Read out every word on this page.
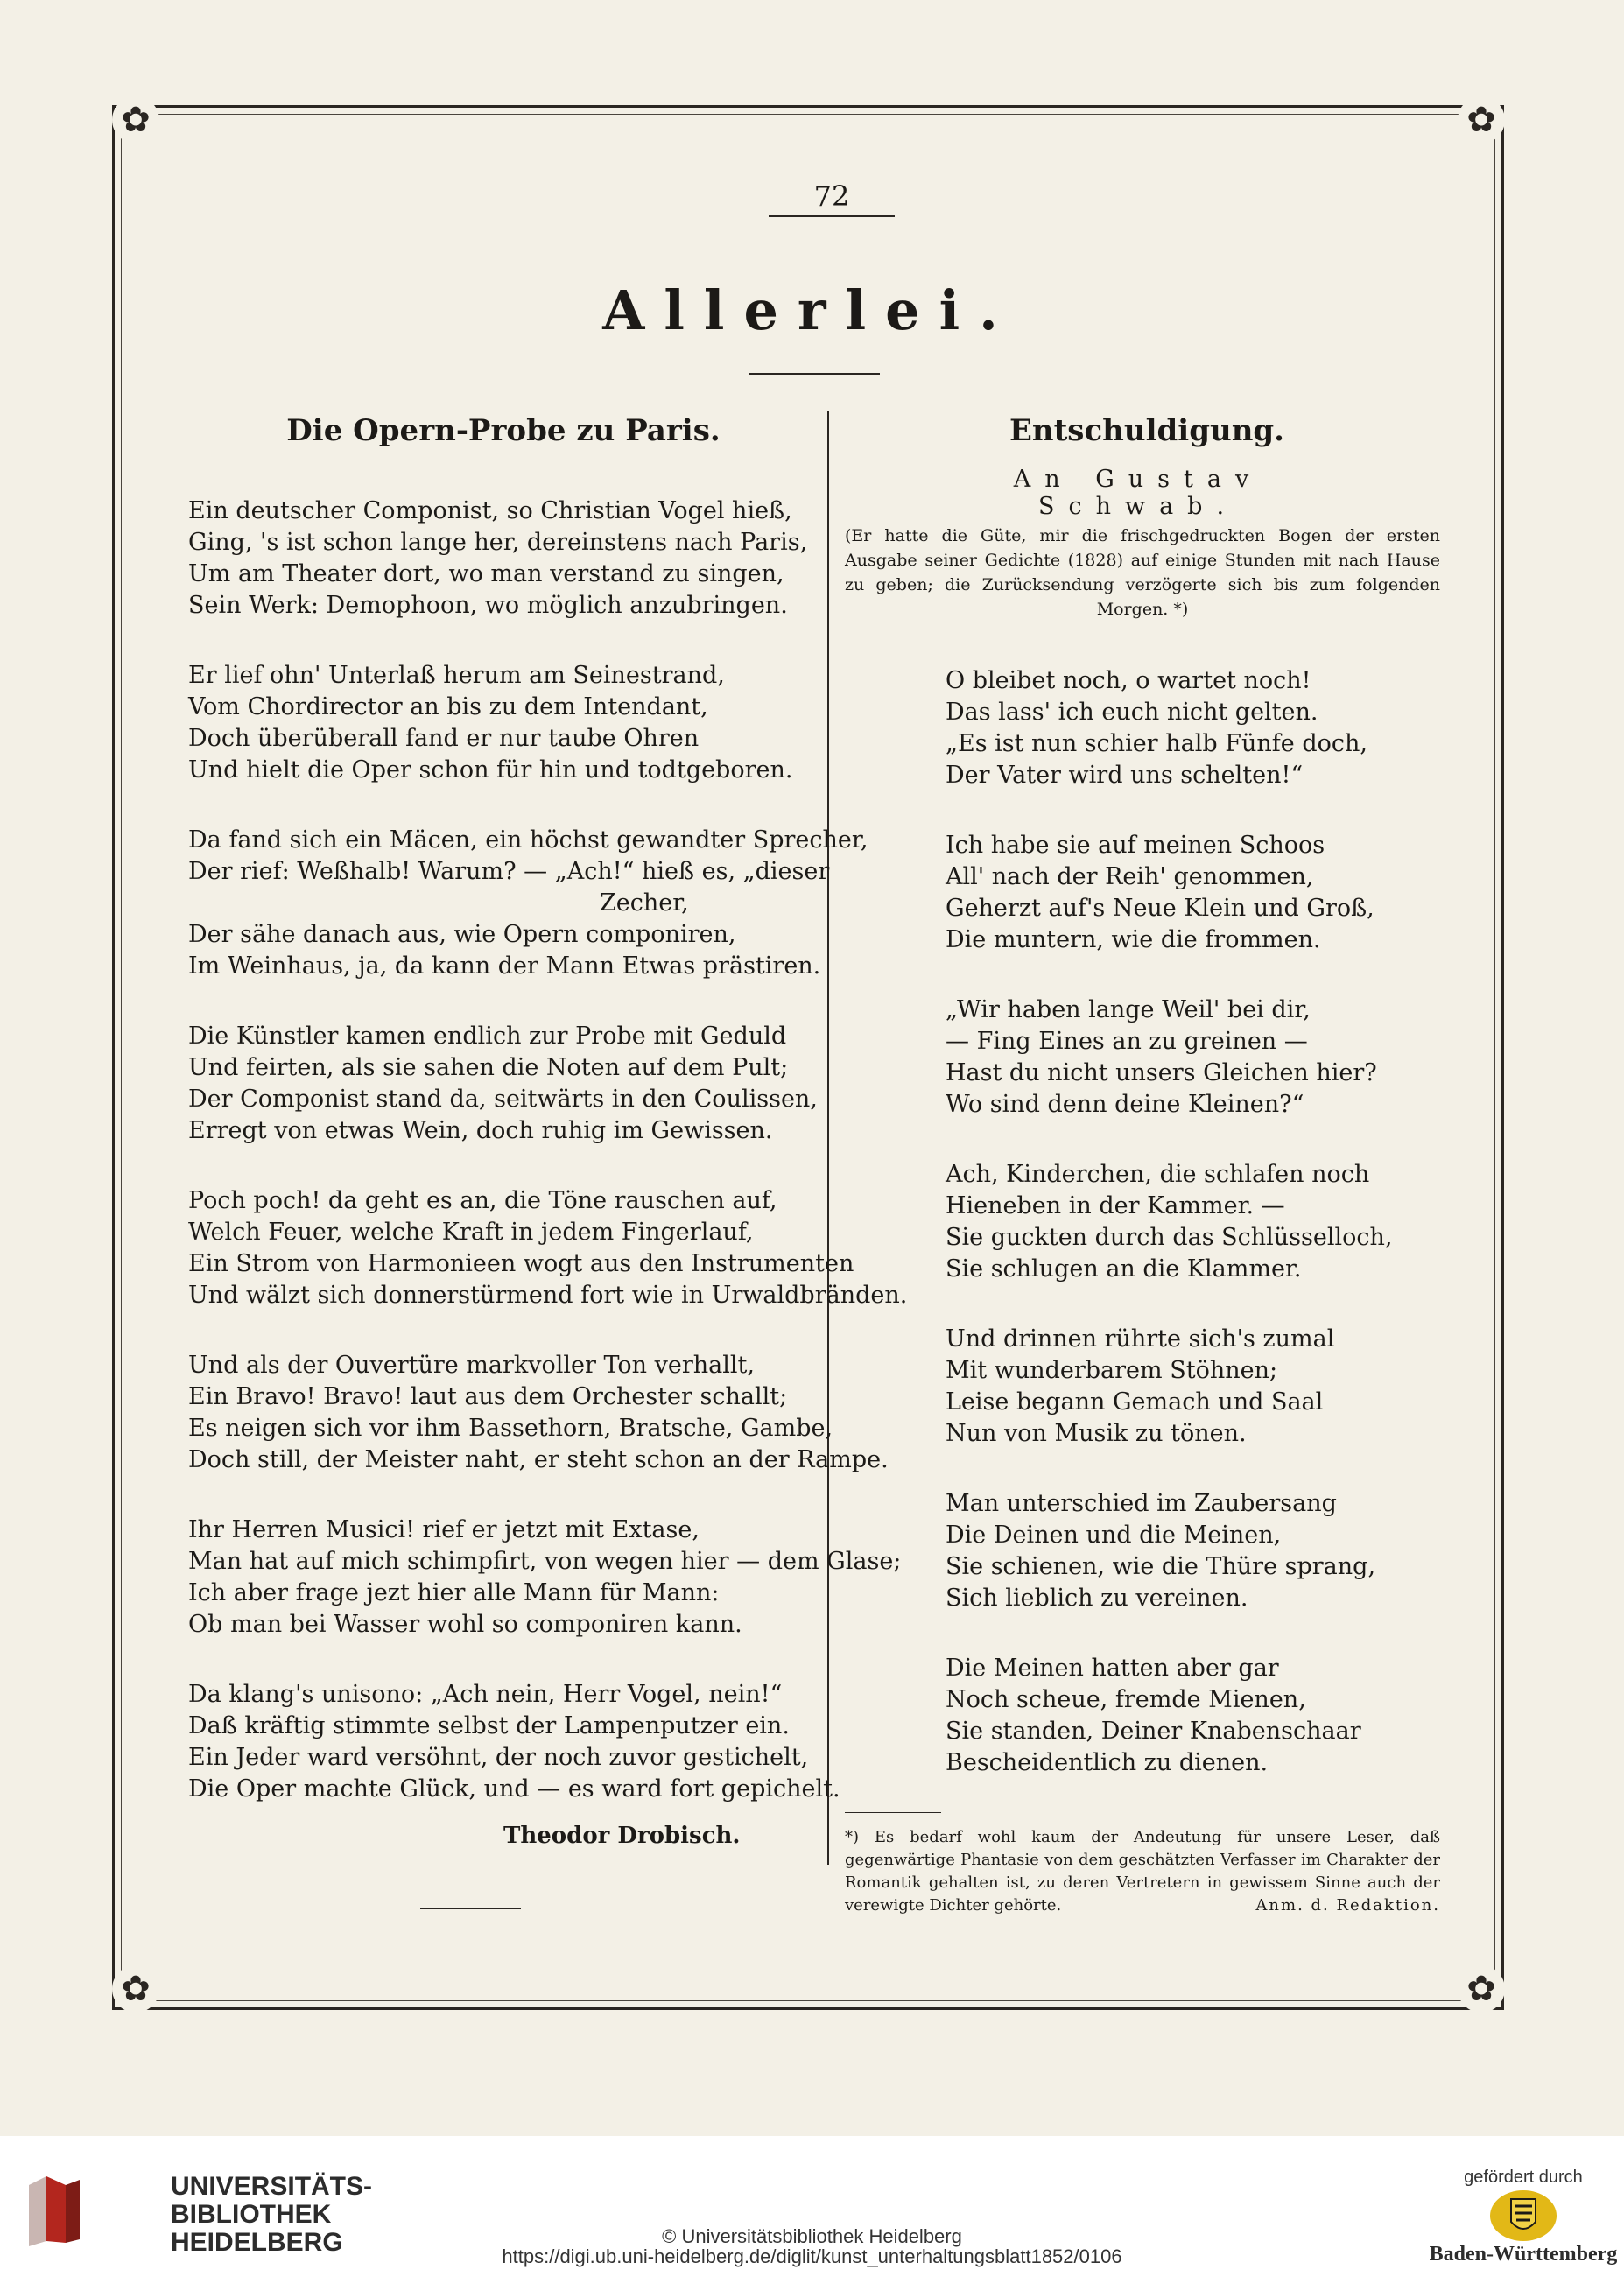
✿	✿
✿	✿
72
Allerlei.
Die Opern-Probe zu Paris.
Ein deutscher Componist, so Christian Vogel hieß,
Ging, 's ist schon lange her, dereinstens nach Paris,
Um am Theater dort, wo man verstand zu singen,
Sein Werk: Demophoon, wo möglich anzubringen.
Er lief ohn' Unterlaß herum am Seinestrand,
Vom Chordirector an bis zu dem Intendant,
Doch überüberall fand er nur taube Ohren
Und hielt die Oper schon für hin und todtgeboren.
Da fand sich ein Mäcen, ein höchst gewandter Sprecher,
Der rief: Weßhalb! Warum? — „Ach!“ hieß es, „dieser
Zecher,
Der sähe danach aus, wie Opern componiren,
Im Weinhaus, ja, da kann der Mann Etwas prästiren.
Die Künstler kamen endlich zur Probe mit Geduld
Und feirten, als sie sahen die Noten auf dem Pult;
Der Componist stand da, seitwärts in den Coulissen,
Erregt von etwas Wein, doch ruhig im Gewissen.
Poch poch! da geht es an, die Töne rauschen auf,
Welch Feuer, welche Kraft in jedem Fingerlauf,
Ein Strom von Harmonieen wogt aus den Instrumenten
Und wälzt sich donnerstürmend fort wie in Urwaldbränden.
Und als der Ouvertüre markvoller Ton verhallt,
Ein Bravo! Bravo! laut aus dem Orchester schallt;
Es neigen sich vor ihm Bassethorn, Bratsche, Gambe,
Doch still, der Meister naht, er steht schon an der Rampe.
Ihr Herren Musici! rief er jetzt mit Extase,
Man hat auf mich schimpfirt, von wegen hier — dem Glase;
Ich aber frage jezt hier alle Mann für Mann:
Ob man bei Wasser wohl so componiren kann.
Da klang's unisono: „Ach nein, Herr Vogel, nein!“
Daß kräftig stimmte selbst der Lampenputzer ein.
Ein Jeder ward versöhnt, der noch zuvor gestichelt,
Die Oper machte Glück, und — es ward fort gepichelt.
Theodor Drobisch.
Entschuldigung.
An Gustav Schwab.
(Er hatte die Güte, mir die frischgedruckten Bogen der ersten Ausgabe seiner Gedichte (1828) auf einige Stunden mit nach Hause zu geben; die Zurücksendung verzögerte sich bis zum folgenden Morgen. *)
O bleibet noch, o wartet noch!
Das lass' ich euch nicht gelten.
„Es ist nun schier halb Fünfe doch,
Der Vater wird uns schelten!“
Ich habe sie auf meinen Schoos
All' nach der Reih' genommen,
Geherzt auf's Neue Klein und Groß,
Die muntern, wie die frommen.
„Wir haben lange Weil' bei dir,
— Fing Eines an zu greinen —
Hast du nicht unsers Gleichen hier?
Wo sind denn deine Kleinen?“
Ach, Kinderchen, die schlafen noch
Hieneben in der Kammer. —
Sie guckten durch das Schlüsselloch,
Sie schlugen an die Klammer.
Und drinnen rührte sich's zumal
Mit wunderbarem Stöhnen;
Leise begann Gemach und Saal
Nun von Musik zu tönen.
Man unterschied im Zaubersang
Die Deinen und die Meinen,
Sie schienen, wie die Thüre sprang,
Sich lieblich zu vereinen.
Die Meinen hatten aber gar
Noch scheue, fremde Mienen,
Sie standen, Deiner Knabenschaar
Bescheidentlich zu dienen.
*) Es bedarf wohl kaum der Andeutung für unsere Leser, daß gegenwärtige Phantasie von dem geschätzten Verfasser im Charakter der Romantik gehalten ist, zu deren Vertretern in gewissem Sinne auch der verewigte Dichter gehörte.	Anm. d. Redaktion.
UNIVERSITÄTS-
BIBLIOTHEK
HEIDELBERG	© Universitätsbibliothek Heidelberg
https://digi.ub.uni-heidelberg.de/diglit/kunst_unterhaltungsblatt1852/0106
gefördert durch
Baden-Württemberg
